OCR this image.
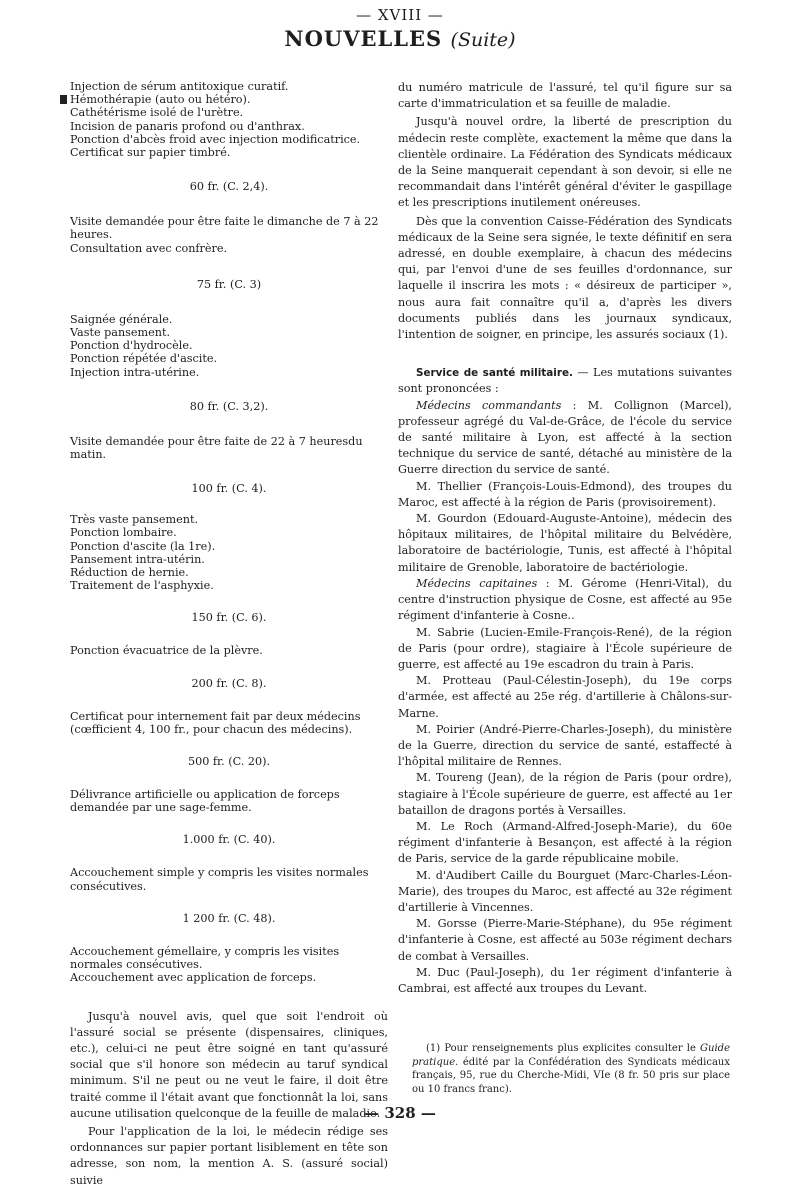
— XVIII —
NOUVELLES (Suite)
Injection de sérum antitoxique curatif.
Hémothérapie (auto ou hétéro).
Cathétérisme isolé de l'urètre.
Incision de panaris profond ou d'anthrax.
Ponction d'abcès froid avec injection modificatrice.
Certificat sur papier timbré.

60 fr. (C. 2,4).

Visite demandée pour être faite le dimanche de 7 à 22 heures.
Consultation avec confrère.

75 fr. (C. 3)

Saignée générale.
Vaste pansement.
Ponction d'hydrocèle.
Ponction répétée d'ascite.
Injection intra-utérine.

80 fr. (C. 3,2).

Visite demandée pour être faite de 22 à 7 heuresdu matin.

100 fr. (C. 4).

Très vaste pansement.
Ponction lombaire.
Ponction d'ascite (la 1re).
Pansement intra-utérin.
Réduction de hernie.
Traitement de l'asphyxie.

150 fr. (C. 6).

Ponction évacuatrice de la plèvre.

200 fr. (C. 8).

Certificat pour internement fait par deux médecins (cœfficient 4, 100 fr., pour chacun des médecins).

500 fr. (C. 20).

Délivrance artificielle ou application de forceps demandée par une sage-femme.

1.000 fr. (C. 40).

Accouchement simple y compris les visites normales consécutives.

1 200 fr. (C. 48).

Accouchement gémellaire, y compris les visites normales consécutives.
Accouchement avec application de forceps.

Jusqu'à nouvel avis, quel que soit l'endroit où l'assuré social se présente (dispensaires, cliniques, etc.), celui-ci ne peut être soigné en tant qu'assuré social que s'il honore son médecin au taruf syndical minimum. S'il ne peut ou ne veut le faire, il doit être traité comme il l'était avant que fonctionnât la loi, sans aucune utilisation quelconque de la feuille de maladie.

Pour l'application de la loi, le médecin rédige ses ordonnances sur papier portant lisiblement en tête son adresse, son nom, la mention A. S. (assuré social) suivie

du numéro matricule de l'assuré, tel qu'il figure sur sa carte d'immatriculation et sa feuille de maladie.

Jusqu'à nouvel ordre, la liberté de prescription du médecin reste complète, exactement la même que dans la clientèle ordinaire. La Fédération des Syndicats médicaux de la Seine manquerait cependant à son devoir, si elle ne recommandait dans l'intérêt général d'éviter le gaspillage et les prescriptions inutilement onéreuses.

Dès que la convention Caisse-Fédération des Syndicats médicaux de la Seine sera signée, le texte définitif en sera adressé, en double exemplaire, à chacun des médecins qui, par l'envoi d'une de ses feuilles d'ordonnance, sur laquelle il inscrira les mots : « désireux de participer », nous aura fait connaître qu'il a, d'après les divers documents publiés dans les journaux syndicaux, l'intention de soigner, en principe, les assurés sociaux (1).

Service de santé militaire. — Les mutations suivantes sont prononcées :

Médecins commandants : M. Collignon (Marcel), professeur agrégé du Val-de-Grâce, de l'école du service de santé militaire à Lyon, est affecté à la section technique du service de santé, détaché au ministère de la Guerre direction du service de santé.

M. Thellier (François-Louis-Edmond), des troupes du Maroc, est affecté à la région de Paris (provisoirement).

M. Gourdon (Edouard-Auguste-Antoine), médecin des hôpitaux militaires, de l'hôpital militaire du Belvédère, laboratoire de bactériologie, Tunis, est affecté à l'hôpital militaire de Grenoble, laboratoire de bactériologie.

Médecins capitaines : M. Gérome (Henri-Vital), du centre d'instruction physique de Cosne, est affecté au 95e régiment d'infanterie à Cosne..

M. Sabrie (Lucien-Emile-François-René), de la région de Paris (pour ordre), stagiaire à l'École supérieure de guerre, est affecté au 19e escadron du train à Paris.

M. Protteau (Paul-Célestin-Joseph), du 19e corps d'armée, est affecté au 25e rég. d'artillerie à Châlons-sur-Marne.

M. Poirier (André-Pierre-Charles-Joseph), du ministère de la Guerre, direction du service de santé, estaffecté à l'hôpital militaire de Rennes.

M. Toureng (Jean), de la région de Paris (pour ordre), stagiaire à l'École supérieure de guerre, est affecté au 1er bataillon de dragons portés à Versailles.

M. Le Roch (Armand-Alfred-Joseph-Marie), du 60e régiment d'infanterie à Besançon, est affecté à la région de Paris, service de la garde républicaine mobile.

M. d'Audibert Caille du Bourguet (Marc-Charles-Léon-Marie), des troupes du Maroc, est affecté au 32e régiment d'artillerie à Vincennes.

M. Gorsse (Pierre-Marie-Stéphane), du 95e régiment d'infanterie à Cosne, est affecté au 503e régiment dechars de combat à Versailles.

M. Duc (Paul-Joseph), du 1er régiment d'infanterie à Cambrai, est affecté aux troupes du Levant.

(1) Pour renseignements plus explicites consulter le Guide pratique. édité par la Confédération des Syndicats médicaux français, 95, rue du Cherche-Midi, VIe (8 fr. 50 pris sur place ou 10 francs franc).
— 328 —
